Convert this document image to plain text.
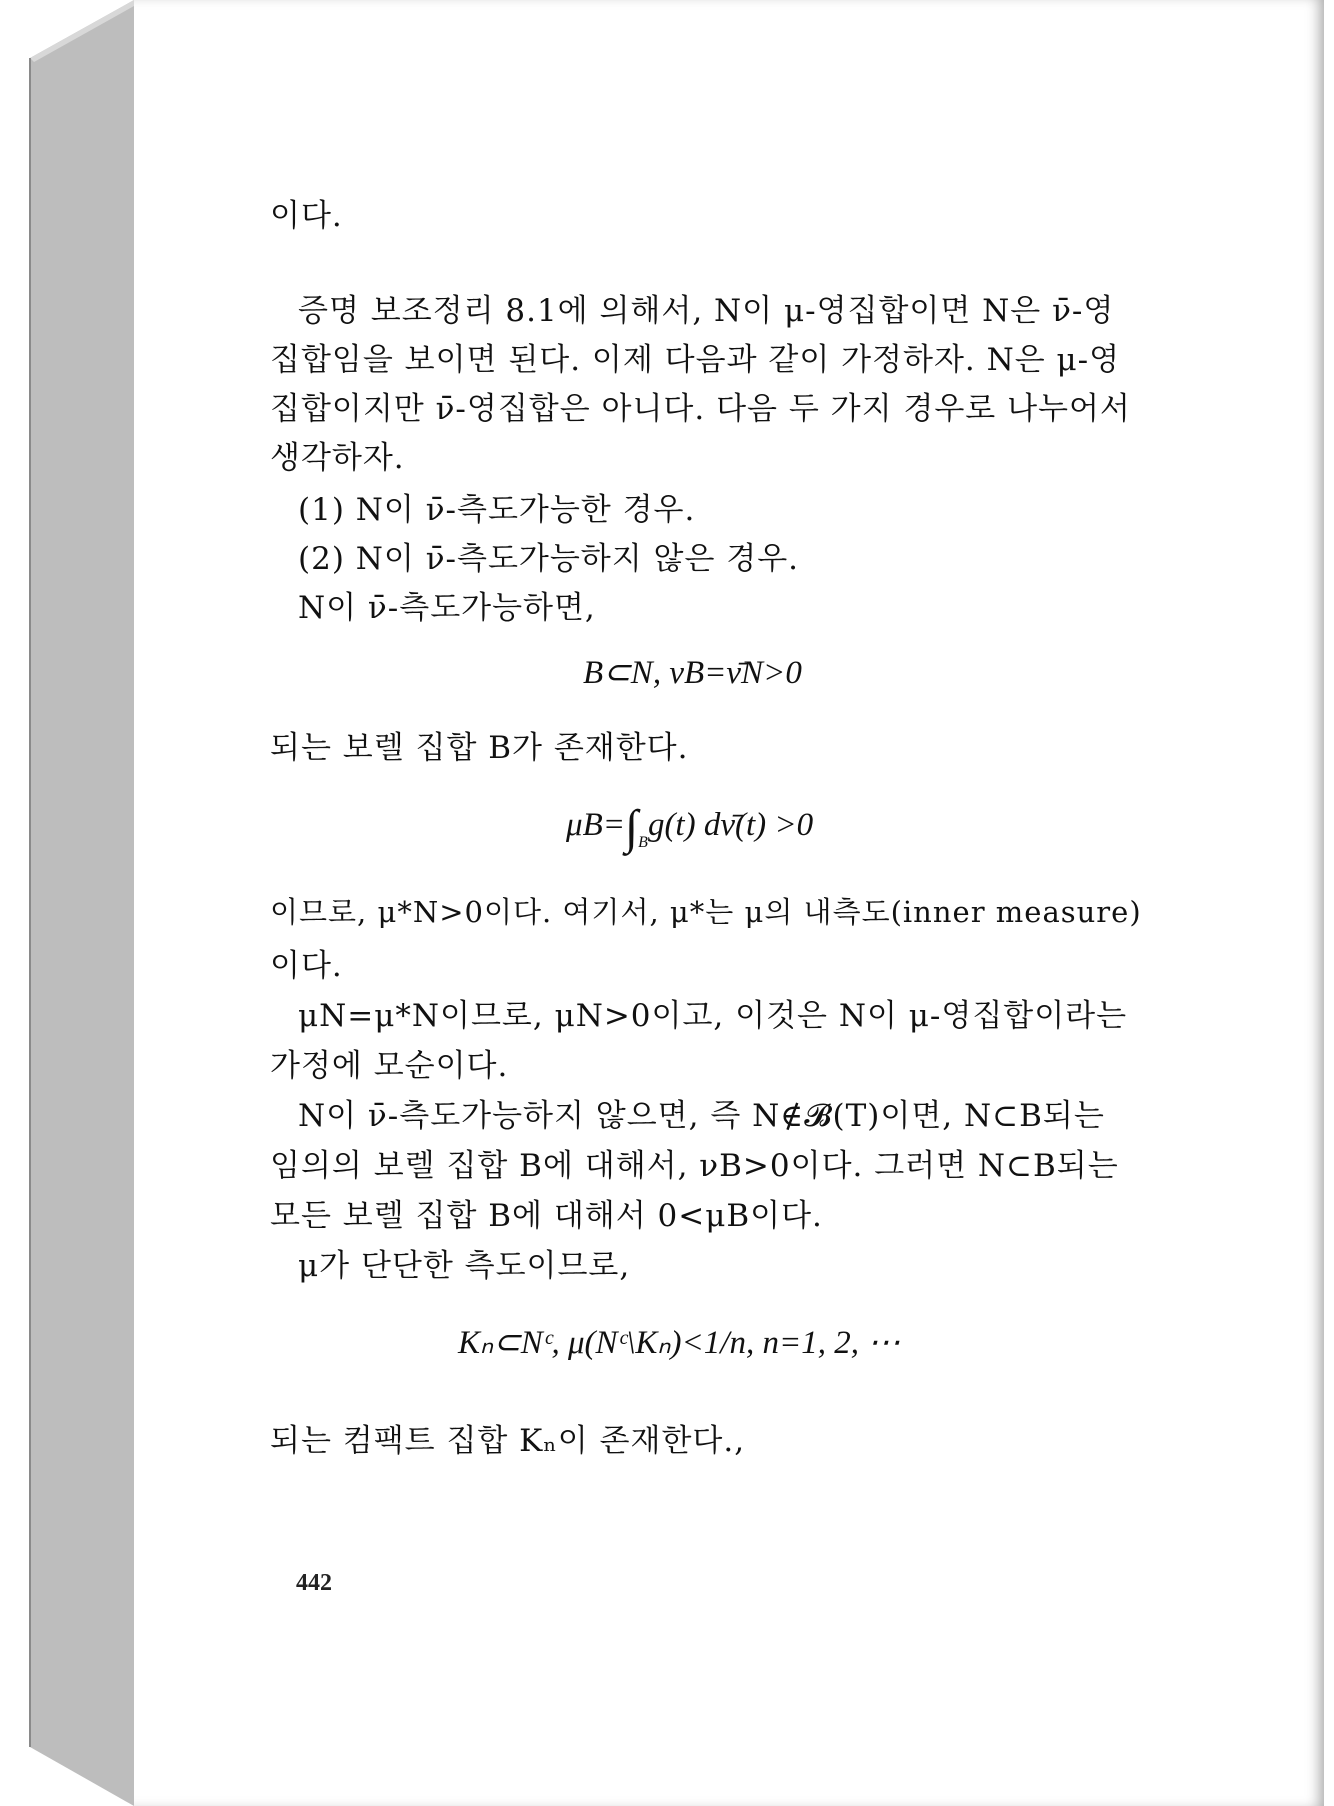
이다.
증명 보조정리 8.1에 의해서, N이 μ-영집합이면 N은 ν̄-영
집합임을 보이면 된다. 이제 다음과 같이 가정하자. N은 μ-영
집합이지만 ν̄-영집합은 아니다. 다음 두 가지 경우로 나누어서
생각하자.
(1) N이 ν̄-측도가능한 경우.
(2) N이 ν̄-측도가능하지 않은 경우.
N이 ν̄-측도가능하면,
B⊂N, νB=ν̄N>0
되는 보렐 집합 B가 존재한다.
$\mu B=\int_Bg(t)$ dν̄(t) >0
이므로, μ*N>0이다. 여기서, μ*는 μ의 내측도(inner measure)
이다.
μN=μ*N이므로, μN>0이고, 이것은 N이 μ-영집합이라는
가정에 모순이다.
N이 ν̄-측도가능하지 않으면, 즉 N∉𝓑(T)이면, N⊂B되는
임의의 보렐 집합 B에 대해서, νB>0이다. 그러면 N⊂B되는
모든 보렐 집합 B에 대해서 0<μB이다.
μ가 단단한 측도이므로,
Kₙ⊂Nᶜ, μ(Nᶜ\Kₙ)<1/n, n=1, 2, ⋯
되는 컴팩트 집합 Kₙ이 존재한다.,
442
